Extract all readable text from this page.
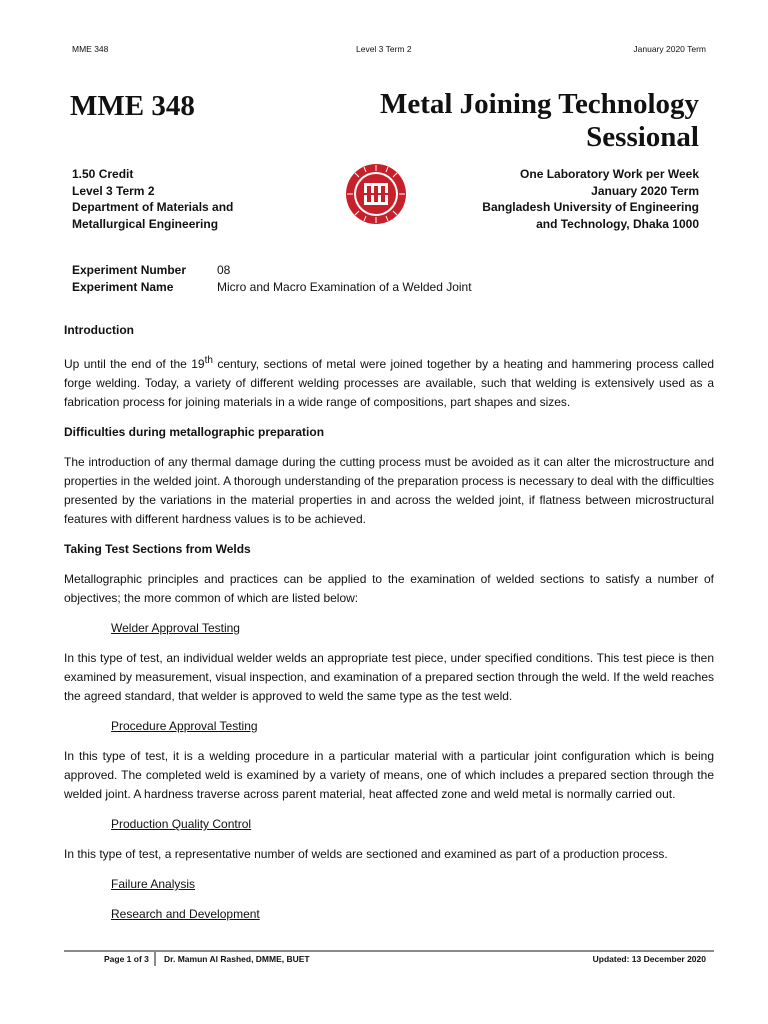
MME 348	Level 3 Term 2	January 2020 Term
MME 348	Metal Joining Technology
Sessional
1.50 Credit
Level 3 Term 2
Department of Materials and
Metallurgical Engineering
One Laboratory Work per Week
January 2020 Term
Bangladesh University of Engineering
and Technology, Dhaka 1000
Experiment Number	08
Experiment Name	Micro and Macro Examination of a Welded Joint
Introduction

Up until the end of the 19th century, sections of metal were joined together by a heating and hammering process called forge welding. Today, a variety of different welding processes are available, such that welding is extensively used as a fabrication process for joining materials in a wide range of compositions, part shapes and sizes.

Difficulties during metallographic preparation

The introduction of any thermal damage during the cutting process must be avoided as it can alter the microstructure and properties in the welded joint. A thorough understanding of the preparation process is necessary to deal with the difficulties presented by the variations in the material properties in and across the welded joint, if flatness between microstructural features with different hardness values is to be achieved.

Taking Test Sections from Welds

Metallographic principles and practices can be applied to the examination of welded sections to satisfy a number of objectives; the more common of which are listed below:

Welder Approval Testing

In this type of test, an individual welder welds an appropriate test piece, under specified conditions. This test piece is then examined by measurement, visual inspection, and examination of a prepared section through the weld. If the weld reaches the agreed standard, that welder is approved to weld the same type as the test weld.

Procedure Approval Testing

In this type of test, it is a welding procedure in a particular material with a particular joint configuration which is being approved. The completed weld is examined by a variety of means, one of which includes a prepared section through the welded joint. A hardness traverse across parent material, heat affected zone and weld metal is normally carried out.

Production Quality Control

In this type of test, a representative number of welds are sectioned and examined as part of a production process.

Failure Analysis
Research and Development
Page 1 of 3 Dr. Mamun Al Rashed, DMME, BUET	Updated: 13 December 2020
